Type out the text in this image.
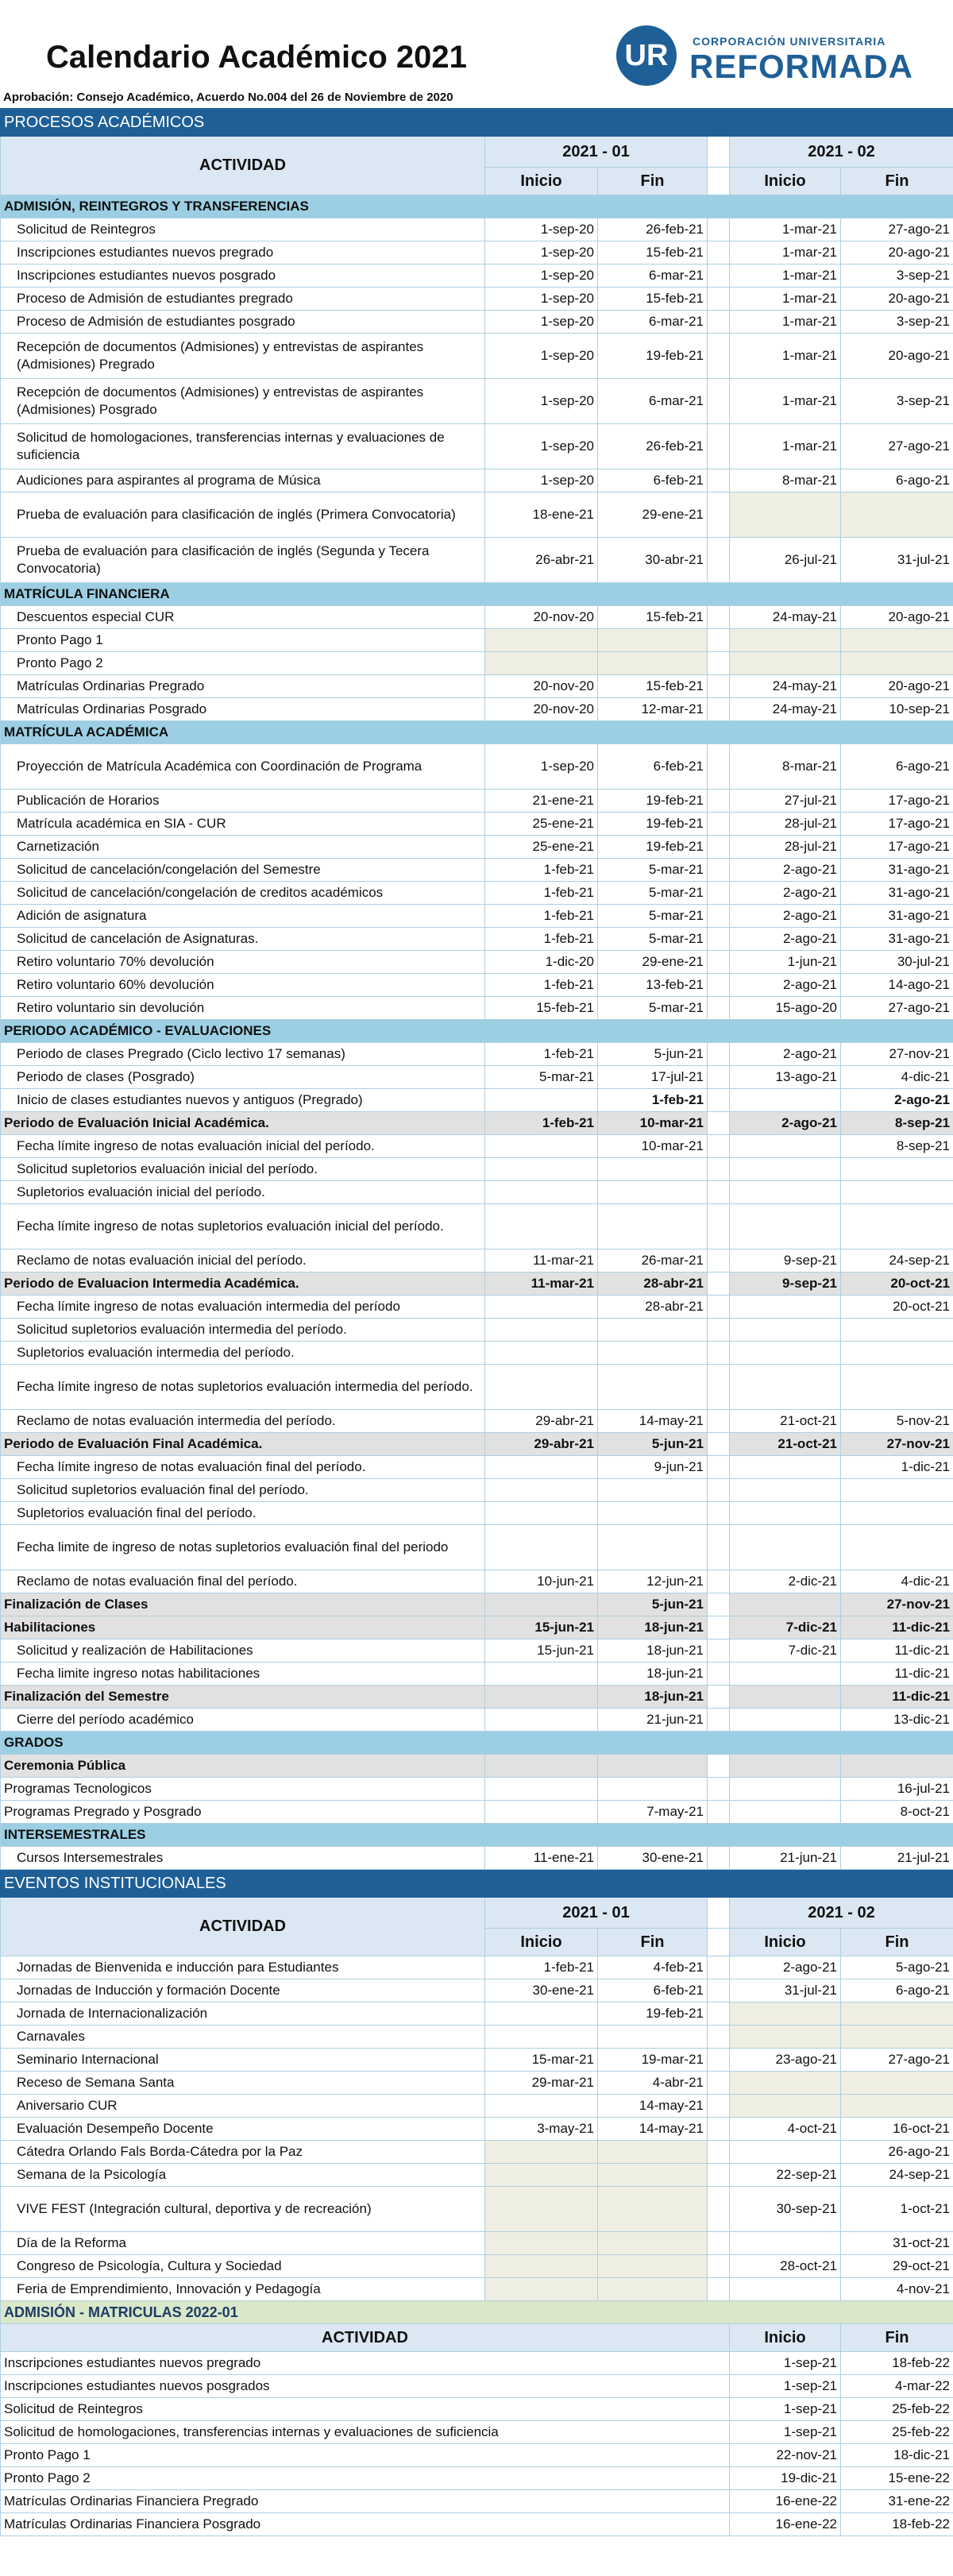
Calendario Académico 2021
Aprobación: Consejo Académico, Acuerdo No.004 del 26 de Noviembre de 2020
UR	CORPORACIÓN UNIVERSITARIA
REFORMADA
PROCESOS ACADÉMICOS					
ACTIVIDAD	2021 - 01			2021 - 02	
	Inicio	Fin		Inicio	Fin
ADMISIÓN, REINTEGROS Y TRANSFERENCIAS					
Solicitud de Reintegros	1-sep-20	26-feb-21		1-mar-21	27-ago-21
Inscripciones estudiantes nuevos pregrado	1-sep-20	15-feb-21		1-mar-21	20-ago-21
Inscripciones estudiantes nuevos posgrado	1-sep-20	6-mar-21		1-mar-21	3-sep-21
Proceso de Admisión de estudiantes pregrado	1-sep-20	15-feb-21		1-mar-21	20-ago-21
Proceso de Admisión de estudiantes posgrado	1-sep-20	6-mar-21		1-mar-21	3-sep-21
Recepción de documentos (Admisiones) y entrevistas de aspirantes (Admisiones) Pregrado	1-sep-20	19-feb-21		1-mar-21	20-ago-21
Recepción de documentos (Admisiones) y entrevistas de aspirantes (Admisiones) Posgrado	1-sep-20	6-mar-21		1-mar-21	3-sep-21
Solicitud de homologaciones, transferencias internas y evaluaciones de suficiencia	1-sep-20	26-feb-21		1-mar-21	27-ago-21
Audiciones para aspirantes al programa de Música	1-sep-20	6-feb-21		8-mar-21	6-ago-21
Prueba de evaluación para clasificación de inglés (Primera Convocatoria)	18-ene-21	29-ene-21			
Prueba de evaluación para clasificación de inglés (Segunda y Tecera Convocatoria)	26-abr-21	30-abr-21		26-jul-21	31-jul-21
MATRÍCULA FINANCIERA					
Descuentos especial CUR	20-nov-20	15-feb-21		24-may-21	20-ago-21
Pronto Pago 1					
Pronto Pago 2					
Matrículas Ordinarias Pregrado	20-nov-20	15-feb-21		24-may-21	20-ago-21
Matrículas Ordinarias Posgrado	20-nov-20	12-mar-21		24-may-21	10-sep-21
MATRÍCULA ACADÉMICA					
Proyección de Matrícula Académica con Coordinación de Programa	1-sep-20	6-feb-21		8-mar-21	6-ago-21
Publicación de Horarios	21-ene-21	19-feb-21		27-jul-21	17-ago-21
Matrícula académica en SIA - CUR	25-ene-21	19-feb-21		28-jul-21	17-ago-21
Carnetización	25-ene-21	19-feb-21		28-jul-21	17-ago-21
Solicitud de cancelación/congelación del Semestre	1-feb-21	5-mar-21		2-ago-21	31-ago-21
Solicitud de cancelación/congelación de creditos académicos	1-feb-21	5-mar-21		2-ago-21	31-ago-21
Adición de asignatura	1-feb-21	5-mar-21		2-ago-21	31-ago-21
Solicitud de cancelación de Asignaturas.	1-feb-21	5-mar-21		2-ago-21	31-ago-21
Retiro voluntario 70% devolución	1-dic-20	29-ene-21		1-jun-21	30-jul-21
Retiro voluntario 60% devolución	1-feb-21	13-feb-21		2-ago-21	14-ago-21
Retiro voluntario sin devolución	15-feb-21	5-mar-21		15-ago-20	27-ago-21
PERIODO ACADÉMICO - EVALUACIONES					
Periodo de clases Pregrado (Ciclo lectivo 17 semanas)	1-feb-21	5-jun-21		2-ago-21	27-nov-21
Periodo de clases (Posgrado)	5-mar-21	17-jul-21		13-ago-21	4-dic-21
Inicio de clases estudiantes nuevos y antiguos (Pregrado)		1-feb-21			2-ago-21
Periodo de Evaluación Inicial Académica.	1-feb-21	10-mar-21		2-ago-21	8-sep-21
Fecha límite ingreso de notas evaluación inicial del período.		10-mar-21			8-sep-21
Solicitud supletorios evaluación inicial del período.					
Supletorios evaluación inicial del período.					
Fecha límite ingreso de notas supletorios evaluación inicial del período.					
Reclamo de notas evaluación inicial del período.	11-mar-21	26-mar-21		9-sep-21	24-sep-21
Periodo de Evaluacion Intermedia Académica.	11-mar-21	28-abr-21		9-sep-21	20-oct-21
Fecha límite ingreso de notas evaluación intermedia del período		28-abr-21			20-oct-21
Solicitud supletorios evaluación intermedia del período.					
Supletorios evaluación intermedia del período.					
Fecha límite ingreso de notas supletorios evaluación intermedia del período.					
Reclamo de notas evaluación intermedia del período.	29-abr-21	14-may-21		21-oct-21	5-nov-21
Periodo de Evaluación Final Académica.	29-abr-21	5-jun-21		21-oct-21	27-nov-21
Fecha límite ingreso de notas evaluación final del período.		9-jun-21			1-dic-21
Solicitud supletorios evaluación final del período.					
Supletorios evaluación final del período.					
Fecha limite de ingreso de notas supletorios evaluación final del periodo					
Reclamo de notas evaluación final del período.	10-jun-21	12-jun-21		2-dic-21	4-dic-21
Finalización de Clases		5-jun-21			27-nov-21
Habilitaciones	15-jun-21	18-jun-21		7-dic-21	11-dic-21
Solicitud y realización de Habilitaciones	15-jun-21	18-jun-21		7-dic-21	11-dic-21
Fecha limite ingreso notas habilitaciones		18-jun-21			11-dic-21
Finalización del Semestre		18-jun-21			11-dic-21
Cierre del período académico		21-jun-21			13-dic-21
GRADOS					
Ceremonia Pública					
Programas Tecnologicos					16-jul-21
Programas Pregrado y Posgrado		7-may-21			8-oct-21
INTERSEMESTRALES					
Cursos Intersemestrales	11-ene-21	30-ene-21		21-jun-21	21-jul-21
EVENTOS INSTITUCIONALES					
ACTIVIDAD	2021 - 01			2021 - 02	
	Inicio	Fin		Inicio	Fin
Jornadas de Bienvenida e inducción para Estudiantes	1-feb-21	4-feb-21		2-ago-21	5-ago-21
Jornadas de Inducción y formación Docente	30-ene-21	6-feb-21		31-jul-21	6-ago-21
Jornada de Internacionalización		19-feb-21			
Carnavales					
Seminario Internacional	15-mar-21	19-mar-21		23-ago-21	27-ago-21
Receso de Semana Santa	29-mar-21	4-abr-21			
Aniversario CUR		14-may-21			
Evaluación Desempeño Docente	3-may-21	14-may-21		4-oct-21	16-oct-21
Cátedra Orlando Fals Borda-Cátedra por la Paz					26-ago-21
Semana de la Psicología				22-sep-21	24-sep-21
VIVE FEST (Integración cultural, deportiva y de recreación)				30-sep-21	1-oct-21
Día de la Reforma					31-oct-21
Congreso de Psicología, Cultura y Sociedad				28-oct-21	29-oct-21
Feria de Emprendimiento, Innovación y Pedagogía					4-nov-21
ADMISIÓN - MATRICULAS 2022-01					
ACTIVIDAD				Inicio	Fin
Inscripciones estudiantes nuevos pregrado				1-sep-21	18-feb-22
Inscripciones estudiantes nuevos posgrados				1-sep-21	4-mar-22
Solicitud de Reintegros				1-sep-21	25-feb-22
Solicitud de homologaciones, transferencias internas y evaluaciones de suficiencia				1-sep-21	25-feb-22
Pronto Pago 1				22-nov-21	18-dic-21
Pronto Pago 2				19-dic-21	15-ene-22
Matrículas Ordinarias Financiera Pregrado				16-ene-22	31-ene-22
Matrículas Ordinarias Financiera Posgrado				16-ene-22	18-feb-22
